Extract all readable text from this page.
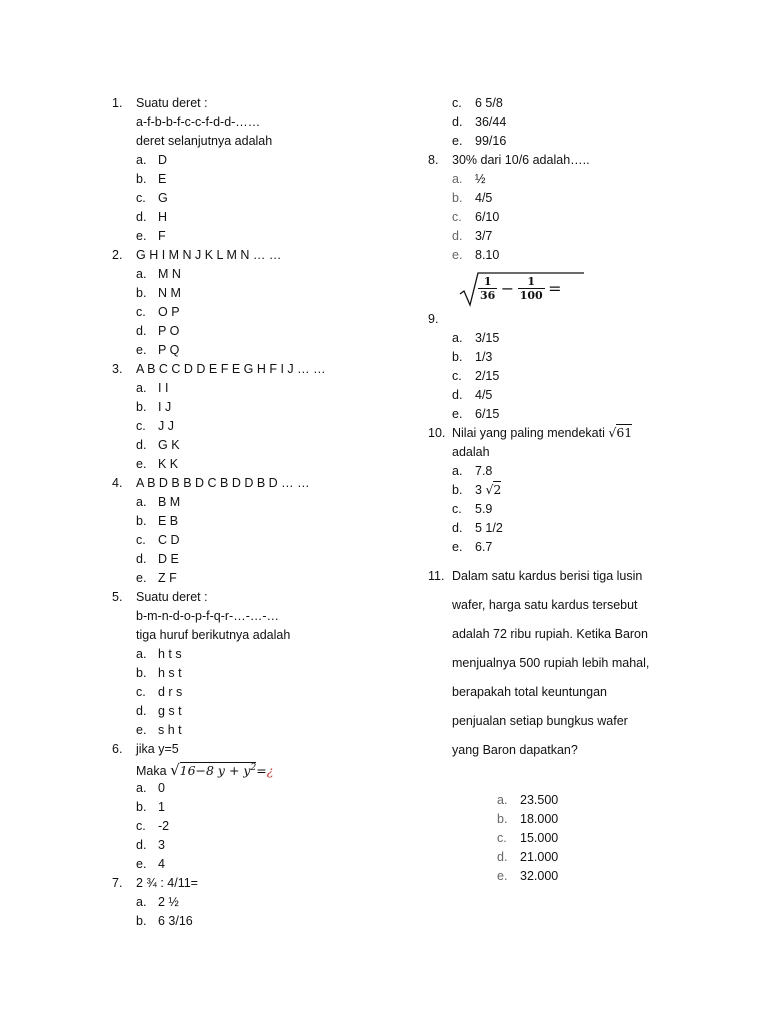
1. Suatu deret :
a-f-b-b-f-c-c-f-d-d-……
deret selanjutnya adalah
a. D
b. E
c. G
d. H
e. F
2. G H I M N J K L M N … …
a. M N
b. N M
c. O P
d. P O
e. P Q
3. A B C C D D E F E G H F I J … …
a. I I
b. I J
c. J J
d. G K
e. K K
4. A B D B B D C B D D B D … …
a. B M
b. E B
c. C D
d. D E
e. Z F
5. Suatu deret :
b-m-n-d-o-p-f-q-r-…-…-…
tiga huruf berikutnya adalah
a. h t s
b. h s t
c. d r s
d. g s t
e. s h t
6. jika y=5
a. 0
b. 1
c. -2
d. 3
e. 4
7. 2 ¾ : 4/11=
a. 2 ½
b. 6 3/16
c. 6 5/8
d. 36/44
e. 99/16
8. 30% dari 10/6 adalah…..
a. ½
b. 4/5
c. 6/10
d. 3/7
e. 8.10
9.
a. 3/15
b. 1/3
c. 2/15
d. 4/5
e. 6/15
adalah
a. 7.8
c. 5.9
d. 5 1/2
e. 6.7
Maka √16−8 $y + y^2=¿$
$\frac{1}{36} - \frac{1}{100}$ =
10. Nilai yang paling mendekati √61
b. 3 √2
11. Dalam satu kardus berisi tiga lusin
wafer, harga satu kardus tersebut
adalah 72 ribu rupiah. Ketika Baron
menjualnya 500 rupiah lebih mahal,
berapakah total keuntungan
penjualan setiap bungkus wafer
yang Baron dapatkan?
a. 23.500
b. 18.000
c. 15.000
d. 21.000
e. 32.000
